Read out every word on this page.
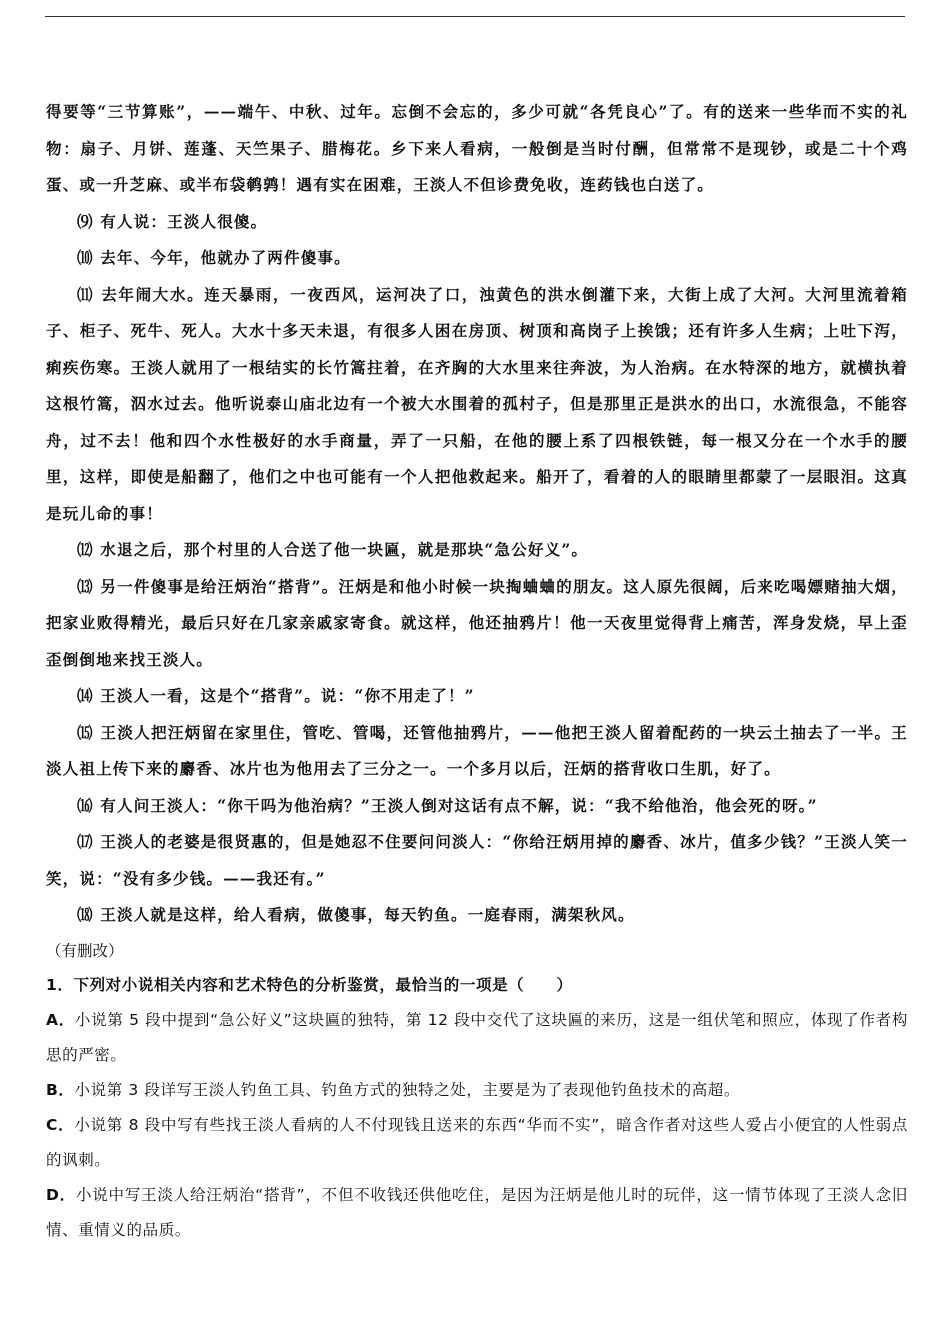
得要等“三节算账”，——端午、中秋、过年。忘倒不会忘的，多少可就“各凭良心”了。有的送来一些华而不实的礼物：扇子、月饼、莲蓬、天竺果子、腊梅花。乡下来人看病，一般倒是当时付酬，但常常不是现钞，或是二十个鸡蛋、或一升芝麻、或半布袋鹌鹑！遇有实在困难，王淡人不但诊费免收，连药钱也白送了。

⑼ 有人说：王淡人很傻。

⑽ 去年、今年，他就办了两件傻事。

⑾ 去年闹大水。连天暴雨，一夜西风，运河决了口，浊黄色的洪水倒灌下来，大街上成了大河。大河里流着箱子、柜子、死牛、死人。大水十多天未退，有很多人困在房顶、树顶和高岗子上挨饿；还有许多人生病；上吐下泻，痢疾伤寒。王淡人就用了一根结实的长竹篙拄着，在齐胸的大水里来往奔波，为人治病。在水特深的地方，就横执着这根竹篙，泅水过去。他听说泰山庙北边有一个被大水围着的孤村子，但是那里正是洪水的出口，水流很急，不能容舟，过不去！他和四个水性极好的水手商量，弄了一只船，在他的腰上系了四根铁链，每一根又分在一个水手的腰里，这样，即使是船翻了，他们之中也可能有一个人把他救起来。船开了，看着的人的眼睛里都蒙了一层眼泪。这真是玩儿命的事！

⑿ 水退之后，那个村里的人合送了他一块匾，就是那块“急公好义”。

⒀ 另一件傻事是给汪炳治“搭背”。汪炳是和他小时候一块掏蛐蛐的朋友。这人原先很阔，后来吃喝嫖赌抽大烟，把家业败得精光，最后只好在几家亲戚家寄食。就这样，他还抽鸦片！他一天夜里觉得背上痛苦，浑身发烧，早上歪歪倒倒地来找王淡人。

⒁ 王淡人一看，这是个“搭背”。说：“你不用走了！”

⒂ 王淡人把汪炳留在家里住，管吃、管喝，还管他抽鸦片，——他把王淡人留着配药的一块云土抽去了一半。王淡人祖上传下来的麝香、冰片也为他用去了三分之一。一个多月以后，汪炳的搭背收口生肌，好了。

⒃ 有人问王淡人：“你干吗为他治病？”王淡人倒对这话有点不解，说：“我不给他治，他会死的呀。”

⒄ 王淡人的老婆是很贤惠的，但是她忍不住要问问淡人：“你给汪炳用掉的麝香、冰片，值多少钱？”王淡人笑一笑，说：“没有多少钱。——我还有。”

⒅ 王淡人就是这样，给人看病，做傻事，每天钓鱼。一庭春雨，满架秋风。

（有删改）

1．下列对小说相关内容和艺术特色的分析鉴赏，最恰当的一项是（　　）

A．小说第 5 段中提到“急公好义”这块匾的独特，第 12 段中交代了这块匾的来历，这是一组伏笔和照应，体现了作者构思的严密。

B．小说第 3 段详写王淡人钓鱼工具、钓鱼方式的独特之处，主要是为了表现他钓鱼技术的高超。

C．小说第 8 段中写有些找王淡人看病的人不付现钱且送来的东西“华而不实”，暗含作者对这些人爱占小便宜的人性弱点的讽刺。

D．小说中写王淡人给汪炳治“搭背”，不但不收钱还供他吃住，是因为汪炳是他儿时的玩伴，这一情节体现了王淡人念旧情、重情义的品质。
